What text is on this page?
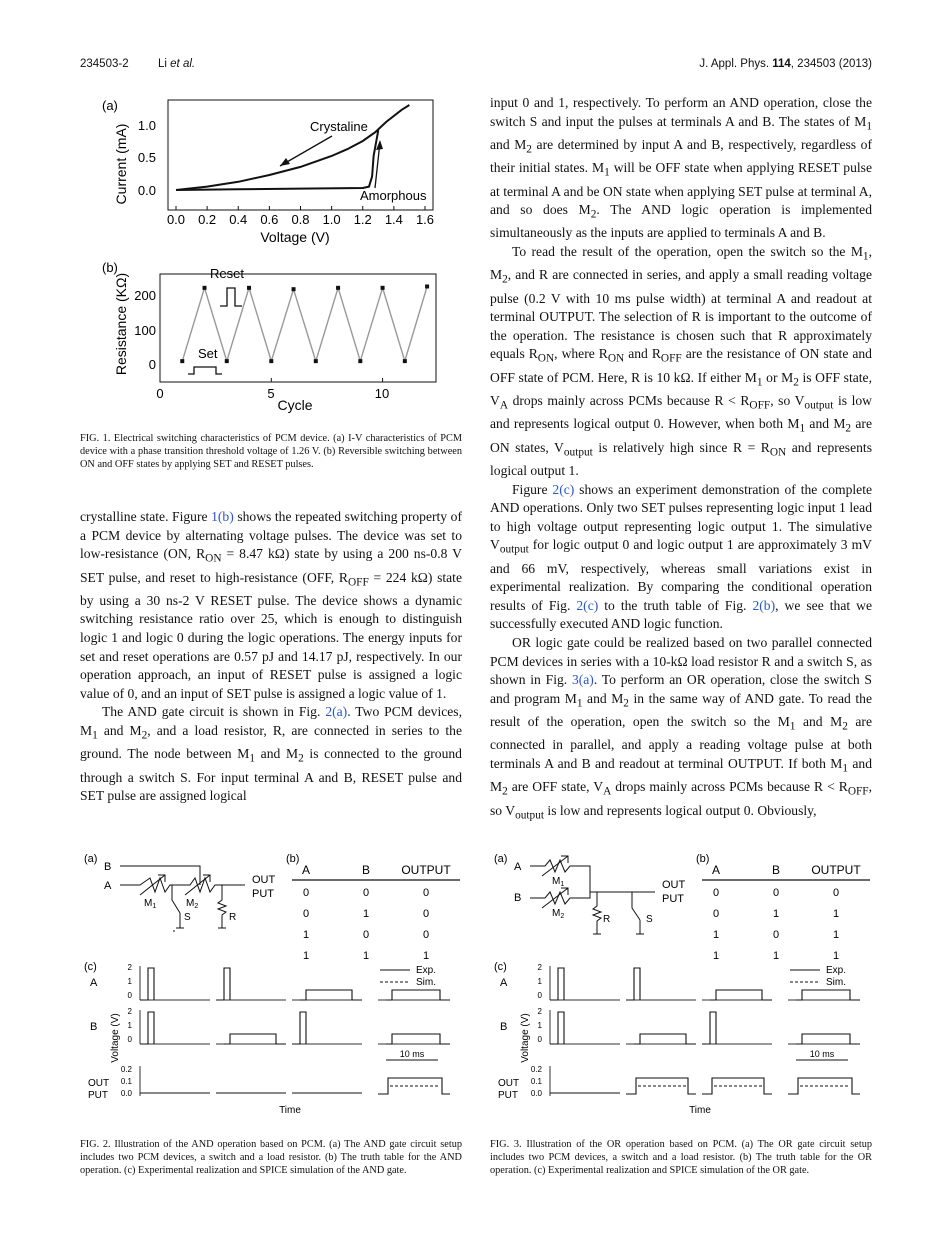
234503-2	Li et al.	J. Appl. Phys. 114, 234503 (2013)
(a)
Current (mA) 0.0
0.5
1.0
0.0 0.2 0.4 0.6 0.8 1.0 1.2 1.4 1.6
Voltage (V)
Crystaline
Amorphous
(b)
Resistance (KΩ) 0
100
200
0	5	10
Cycle
Reset
Set
FIG. 1. Electrical switching characteristics of PCM device. (a) I-V characteristics of PCM device with a phase transition threshold voltage of 1.26 V. (b) Reversible switching between ON and OFF states by applying SET and RESET pulses.

crystalline state. Figure 1(b) shows the repeated switching property of a PCM device by alternating voltage pulses. The device was set to low-resistance (ON, $R_{ON} = 8.47$ kΩ) state by using a 200 ns-0.8 V SET pulse, and reset to high-resistance (OFF, $R_{OFF} = 224$ kΩ) state by using a 30 ns-2 V RESET pulse. The device shows a dynamic switching resistance ratio over 25, which is enough to distinguish logic 1 and logic 0 during the logic operations. The energy inputs for set and reset operations are 0.57 pJ and 14.17 pJ, respectively. In our operation approach, an input of RESET pulse is assigned a logic value of 0, and an input of SET pulse is assigned a logic value of 1.

The AND gate circuit is shown in Fig. 2(a). Two PCM devices, $M_1$ and $M_2$, and a load resistor, R, are connected in series to the ground. The node between $M_1$ and $M_2$ is connected to the ground through a switch S. For input terminal A and B, RESET pulse and SET pulse are assigned logical

input 0 and 1, respectively. To perform an AND operation, close the switch S and input the pulses at terminals A and B. The states of $M_1$ and $M_2$ are determined by input A and B, respectively, regardless of their initial states. $M_1$ will be OFF state when applying RESET pulse at terminal A and be ON state when applying SET pulse at terminal A, and so does $M_2$. The AND logic operation is implemented simultaneously as the inputs are applied to terminals A and B.

To read the result of the operation, open the switch so the $M_1$, $M_2$, and R are connected in series, and apply a small reading voltage pulse (0.2 V with 10 ms pulse width) at terminal A and readout at terminal OUTPUT. The selection of R is important to the outcome of the operation. The resistance is chosen such that R approximately equals $R_{ON}$, where $R_{ON}$ and $R_{OFF}$ are the resistance of ON state and OFF state of PCM. Here, R is 10 kΩ. If either $M_1$ or $M_2$ is OFF state, $V_A$ drops mainly across PCMs because $R < R_{OFF}$, so $V_{output}$ is low and represents logical output 0. However, when both $M_1$ and $M_2$ are ON states, $V_{output}$ is relatively high since $R = R_{ON}$ and represents logical output 1.

Figure 2(c) shows an experiment demonstration of the complete AND operations. Only two SET pulses representing logic input 1 lead to high voltage output representing logic output 1. The simulative $V_{output}$ for logic output 0 and logic output 1 are approximately 3 mV and 66 mV, respectively, whereas small variations exist in experimental realization. By comparing the conditional operation results of Fig. 2(c) to the truth table of Fig. 2(b), we see that we successfully executed AND logic function.

OR logic gate could be realized based on two parallel connected PCM devices in series with a 10-kΩ load resistor R and a switch S, as shown in Fig. 3(a). To perform an OR operation, close the switch S and program $M_1$ and $M_2$ in the same way of AND gate. To read the result of the operation, open the switch so the $M_1$ and $M_2$ are connected in parallel, and apply a reading voltage pulse at both terminals A and B and readout at terminal OUTPUT. If both $M_1$ and $M_2$ are OFF state, $V_A$ drops mainly across PCMs because $R < R_{OFF}$, so $V_{output}$ is low and represents logical output 0. Obviously,

(a)
B
A
$M_1$	$M_2$
S	R
OUT
PUT
(b)
A	B	OUTPUT
0	0	0
0	1	0
1	0	0
1	1	1
(c)
Voltage (V)
A
2
1
0
B
2
1
0
OUT
PUT
0.2
0.1
0.0
10 ms
Time
Exp.
Sim.
FIG. 2. Illustration of the AND operation based on PCM. (a) The AND gate circuit setup includes two PCM devices, a switch and a load resistor. (b) The truth table for the AND operation. (c) Experimental realization and SPICE simulation of the AND gate.
(a)
A
B
$M_1$
$M_2$	R	S
OUT
PUT
(b)
A	B	OUTPUT
0	0	0
0	1	1
1	0	1
1	1	1
(c)
Voltage (V)
A
2
1
0
B
2
1
0
OUT
PUT
0.2
0.1
0.0
10 ms
Time
Exp.
Sim.
FIG. 3. Illustration of the OR operation based on PCM. (a) The OR gate circuit setup includes two PCM devices, a switch and a load resistor. (b) The truth table for the OR operation. (c) Experimental realization and SPICE simulation of the OR gate.
